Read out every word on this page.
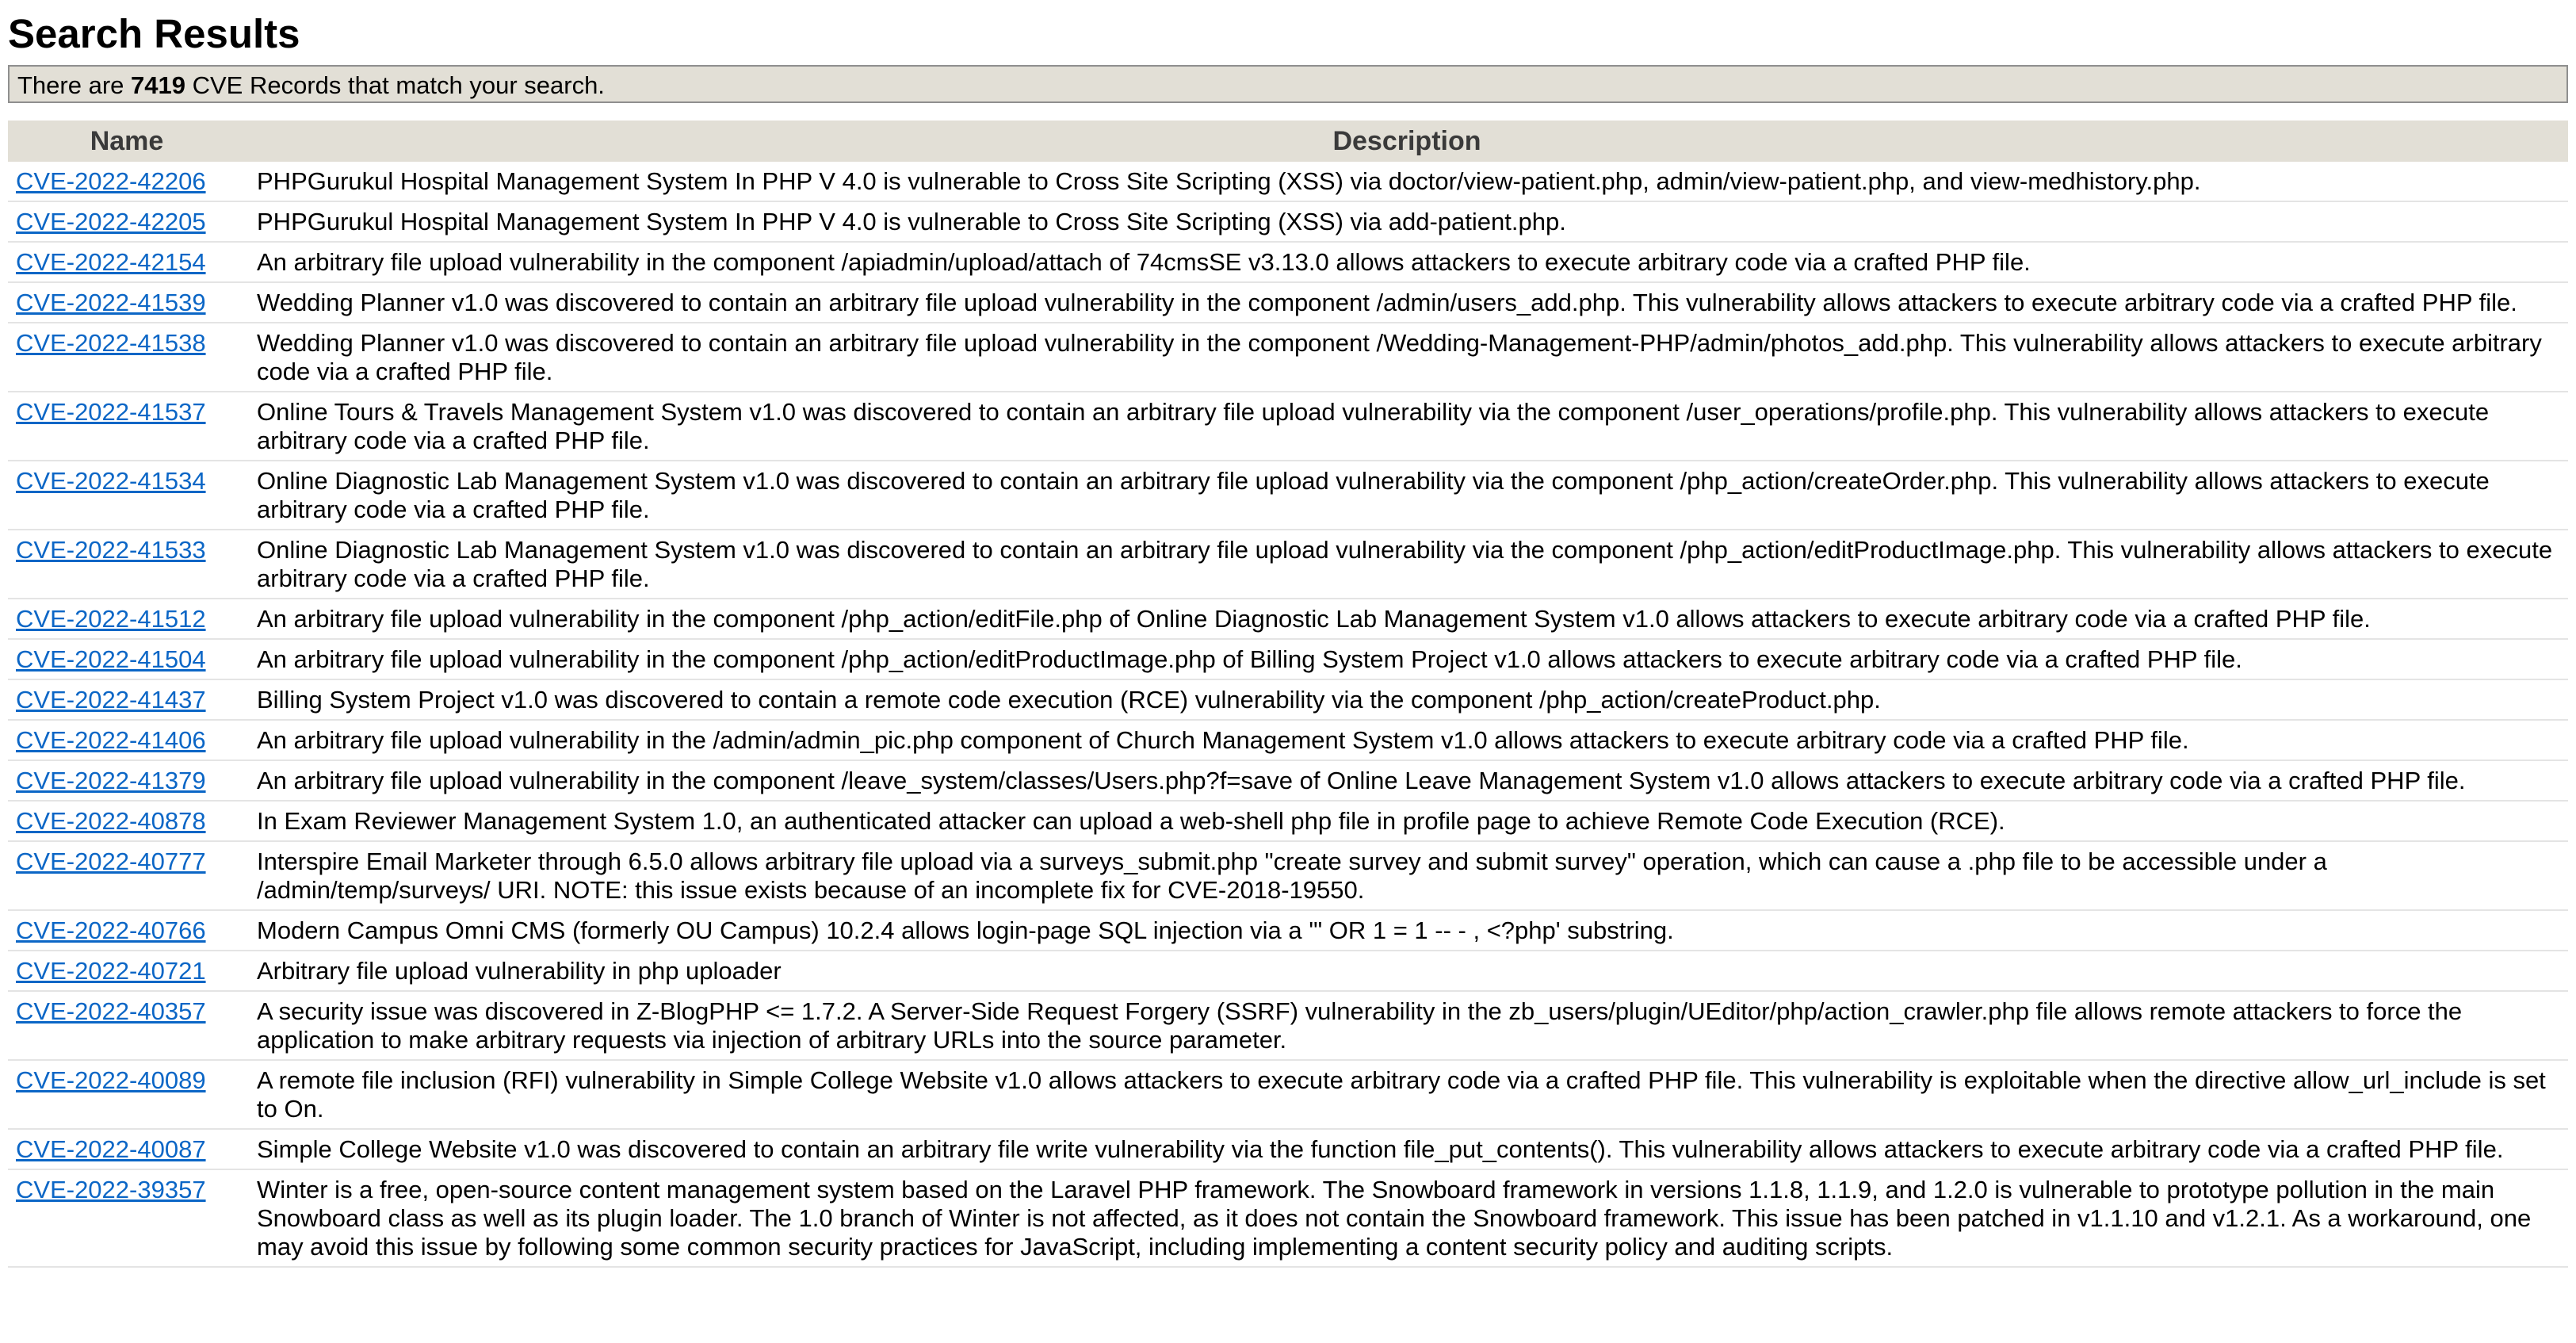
Search Results
There are 7419 CVE Records that match your search.
Name	Description
CVE-2022-42206	PHPGurukul Hospital Management System In PHP V 4.0 is vulnerable to Cross Site Scripting (XSS) via doctor/view-patient.php, admin/view-patient.php, and view-medhistory.php.
CVE-2022-42205	PHPGurukul Hospital Management System In PHP V 4.0 is vulnerable to Cross Site Scripting (XSS) via add-patient.php.
CVE-2022-42154	An arbitrary file upload vulnerability in the component /apiadmin/upload/attach of 74cmsSE v3.13.0 allows attackers to execute arbitrary code via a crafted PHP file.
CVE-2022-41539	Wedding Planner v1.0 was discovered to contain an arbitrary file upload vulnerability in the component /admin/users_add.php. This vulnerability allows attackers to execute arbitrary code via a crafted PHP file.
CVE-2022-41538	Wedding Planner v1.0 was discovered to contain an arbitrary file upload vulnerability in the component /Wedding-Management-PHP/admin/photos_add.php. This vulnerability allows attackers to execute arbitrary code via a crafted PHP file.
CVE-2022-41537	Online Tours & Travels Management System v1.0 was discovered to contain an arbitrary file upload vulnerability via the component /user_operations/profile.php. This vulnerability allows attackers to execute arbitrary code via a crafted PHP file.
CVE-2022-41534	Online Diagnostic Lab Management System v1.0 was discovered to contain an arbitrary file upload vulnerability via the component /php_action/createOrder.php. This vulnerability allows attackers to execute arbitrary code via a crafted PHP file.
CVE-2022-41533	Online Diagnostic Lab Management System v1.0 was discovered to contain an arbitrary file upload vulnerability via the component /php_action/editProductImage.php. This vulnerability allows attackers to execute arbitrary code via a crafted PHP file.
CVE-2022-41512	An arbitrary file upload vulnerability in the component /php_action/editFile.php of Online Diagnostic Lab Management System v1.0 allows attackers to execute arbitrary code via a crafted PHP file.
CVE-2022-41504	An arbitrary file upload vulnerability in the component /php_action/editProductImage.php of Billing System Project v1.0 allows attackers to execute arbitrary code via a crafted PHP file.
CVE-2022-41437	Billing System Project v1.0 was discovered to contain a remote code execution (RCE) vulnerability via the component /php_action/createProduct.php.
CVE-2022-41406	An arbitrary file upload vulnerability in the /admin/admin_pic.php component of Church Management System v1.0 allows attackers to execute arbitrary code via a crafted PHP file.
CVE-2022-41379	An arbitrary file upload vulnerability in the component /leave_system/classes/Users.php?f=save of Online Leave Management System v1.0 allows attackers to execute arbitrary code via a crafted PHP file.
CVE-2022-40878	In Exam Reviewer Management System 1.0, an authenticated attacker can upload a web-shell php file in profile page to achieve Remote Code Execution (RCE).
CVE-2022-40777	Interspire Email Marketer through 6.5.0 allows arbitrary file upload via a surveys_submit.php "create survey and submit survey" operation, which can cause a .php file to be accessible under a /admin/temp/surveys/ URI. NOTE: this issue exists because of an incomplete fix for CVE-2018-19550.
CVE-2022-40766	Modern Campus Omni CMS (formerly OU Campus) 10.2.4 allows login-page SQL injection via a '" OR 1 = 1 -- - , <?php' substring.
CVE-2022-40721	Arbitrary file upload vulnerability in php uploader
CVE-2022-40357	A security issue was discovered in Z-BlogPHP <= 1.7.2. A Server-Side Request Forgery (SSRF) vulnerability in the zb_users/plugin/UEditor/php/action_crawler.php file allows remote attackers to force the application to make arbitrary requests via injection of arbitrary URLs into the source parameter.
CVE-2022-40089	A remote file inclusion (RFI) vulnerability in Simple College Website v1.0 allows attackers to execute arbitrary code via a crafted PHP file. This vulnerability is exploitable when the directive allow_url_include is set to On.
CVE-2022-40087	Simple College Website v1.0 was discovered to contain an arbitrary file write vulnerability via the function file_put_contents(). This vulnerability allows attackers to execute arbitrary code via a crafted PHP file.
CVE-2022-39357	Winter is a free, open-source content management system based on the Laravel PHP framework. The Snowboard framework in versions 1.1.8, 1.1.9, and 1.2.0 is vulnerable to prototype pollution in the main Snowboard class as well as its plugin loader. The 1.0 branch of Winter is not affected, as it does not contain the Snowboard framework. This issue has been patched in v1.1.10 and v1.2.1. As a workaround, one may avoid this issue by following some common security practices for JavaScript, including implementing a content security policy and auditing scripts.
